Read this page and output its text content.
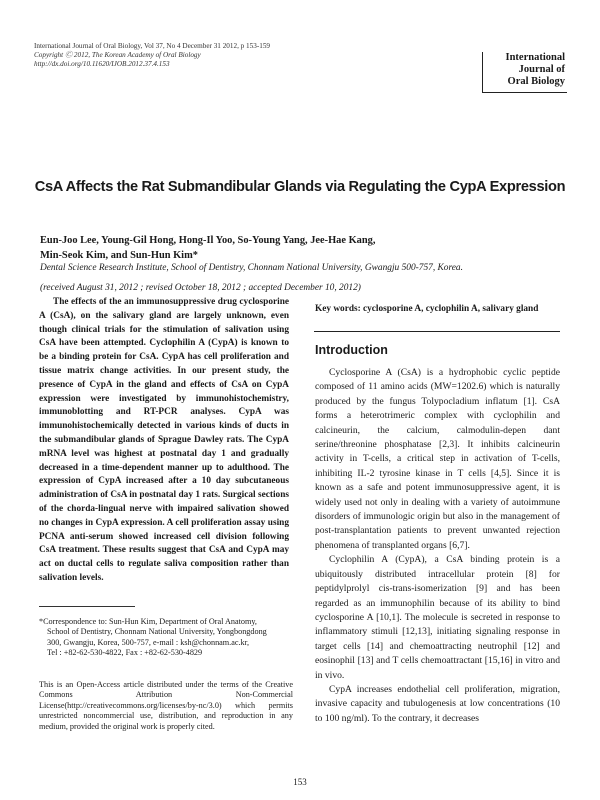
International Journal of Oral Biology, Vol 37, No 4 December 31 2012, p 153-159
Copyright Ⓒ 2012, The Korean Academy of Oral Biology
http://dx.doi.org/10.11620/IJOB.2012.37.4.153
International
Journal of
Oral Biology
CsA Affects the Rat Submandibular Glands via Regulating the CypA Expression
Eun-Joo Lee, Young-Gil Hong, Hong-Il Yoo, So-Young Yang, Jee-Hae Kang,
Min-Seok Kim, and Sun-Hun Kim*
Dental Science Research Institute, School of Dentistry, Chonnam National University, Gwangju 500-757, Korea.
(received August 31, 2012 ; revised October 18, 2012 ; accepted December 10, 2012)
The effects of the an immunosuppressive drug cyclosporine A (CsA), on the salivary gland are largely unknown, even though clinical trials for the stimulation of salivation using CsA have been attempted. Cyclophilin A (CypA) is known to be a binding protein for CsA. CypA has cell proliferation and tissue matrix change activities. In our present study, the presence of CypA in the gland and effects of CsA on CypA expression were investigated by immunohistochemistry, immunoblotting and RT-PCR analyses. CypA was immunohistochemically detected in various kinds of ducts in the submandibular glands of Sprague Dawley rats. The CypA mRNA level was highest at postnatal day 1 and gradually decreased in a time-dependent manner up to adulthood. The expression of CypA increased after a 10 day subcutaneous administration of CsA in postnatal day 1 rats. Surgical sections of the chorda-lingual nerve with impaired salivation showed no changes in CypA expression. A cell proliferation assay using PCNA anti-serum showed increased cell division following CsA treatment. These results suggest that CsA and CypA may act on ductal cells to regulate saliva composition rather than salivation levels.
*Correspondence to: Sun-Hun Kim, Department of Oral Anatomy,
School of Dentistry, Chonnam National University, Yongbongdong
300, Gwangju, Korea, 500-757, e-mail : ksh@chonnam.ac.kr,
Tel : +82-62-530-4822, Fax : +82-62-530-4829
This is an Open-Access article distributed under the terms of the Creative Commons Attribution Non-Commercial License(http://creativecommons.org/licenses/by-nc/3.0) which permits unrestricted noncommercial use, distribution, and reproduction in any medium, provided the original work is properly cited.
Key words: cyclosporine A, cyclophilin A, salivary gland
Introduction

Cyclosporine A (CsA) is a hydrophobic cyclic peptide composed of 11 amino acids (MW=1202.6) which is naturally produced by the fungus Tolypocladium inflatum [1]. CsA forms a heterotrimeric complex with cyclophilin and calcineurin, the calcium, calmodulin-depen dant serine/threonine phosphatase [2,3]. It inhibits calcineurin activity in T-cells, a critical step in activation of T-cells, inhibiting IL-2 tyrosine kinase in T cells [4,5]. Since it is known as a safe and potent immunosuppressive agent, it is widely used not only in dealing with a variety of autoimmune disorders of immunologic origin but also in the management of post-transplantation patients to prevent unwanted rejection phenomena of transplanted organs [6,7].

Cyclophilin A (CypA), a CsA binding protein is a ubiquitously distributed intracellular protein [8] for peptidylprolyl cis-trans-isomerization [9] and has been regarded as an immunophilin because of its ability to bind cyclosporine A [10,1]. The molecule is secreted in response to inflammatory stimuli [12,13], initiating signaling response in target cells [14] and chemoattracting neutrophil [12] and eosinophil [13] and T cells chemoattractant [15,16] in vitro and in vivo.

CypA increases endothelial cell proliferation, migration, invasive capacity and tubulogenesis at low concentrations (10 to 100 ng/ml). To the contrary, it decreases

153
